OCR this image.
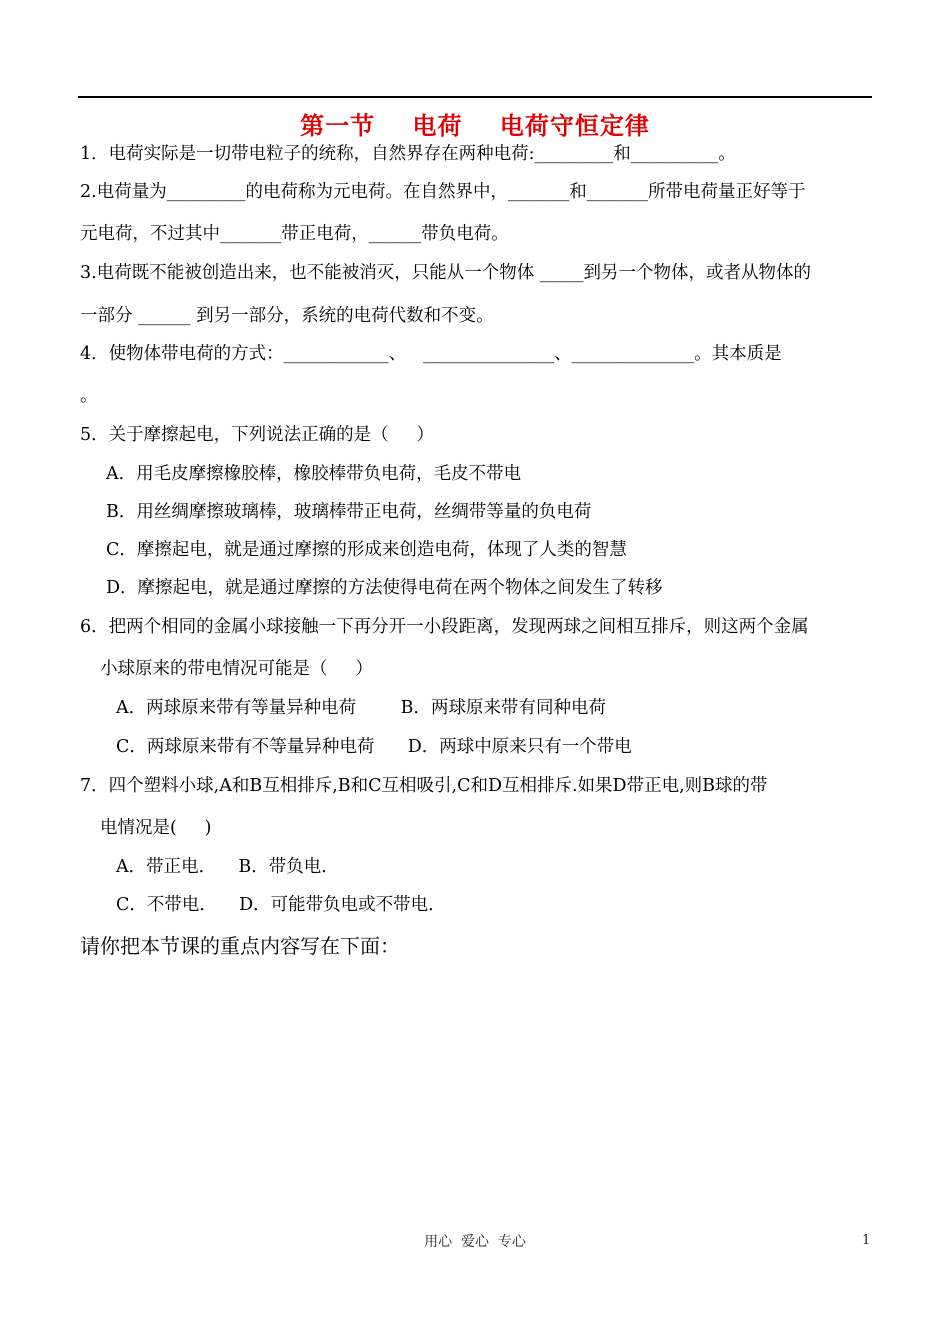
第一节    电荷    电荷守恒定律
1．电荷实际是一切带电粒子的统称，自然界存在两种电荷:_________和__________。
2.电荷量为_________的电荷称为元电荷。在自然界中，_______和_______所带电荷量正好等于
元电荷，不过其中_______带正电荷，______带负电荷。
3.电荷既不能被创造出来，也不能被消灭，只能从一个物体 _____到另一个物体，或者从物体的
一部分 ______ 到另一部分，系统的电荷代数和不变。
4．使物体带电荷的方式：____________、   _______________、______________。其本质是
。
5．关于摩擦起电，下列说法正确的是（     ）
A．用毛皮摩擦橡胶棒，橡胶棒带负电荷，毛皮不带电
B．用丝绸摩擦玻璃棒，玻璃棒带正电荷，丝绸带等量的负电荷
C．摩擦起电，就是通过摩擦的形成来创造电荷，体现了人类的智慧
D．摩擦起电，就是通过摩擦的方法使得电荷在两个物体之间发生了转移
6．把两个相同的金属小球接触一下再分开一小段距离，发现两球之间相互排斥，则这两个金属
小球原来的带电情况可能是（     ）
A．两球原来带有等量异种电荷        B．两球原来带有同种电荷
C．两球原来带有不等量异种电荷      D．两球中原来只有一个带电
7．四个塑料小球,A和B互相排斥,B和C互相吸引,C和D互相排斥.如果D带正电,则B球的带
电情况是(     )
A．带正电．    B．带负电．
C．不带电．    D．可能带负电或不带电．
请你把本节课的重点内容写在下面：
用心  爱心  专心	1
